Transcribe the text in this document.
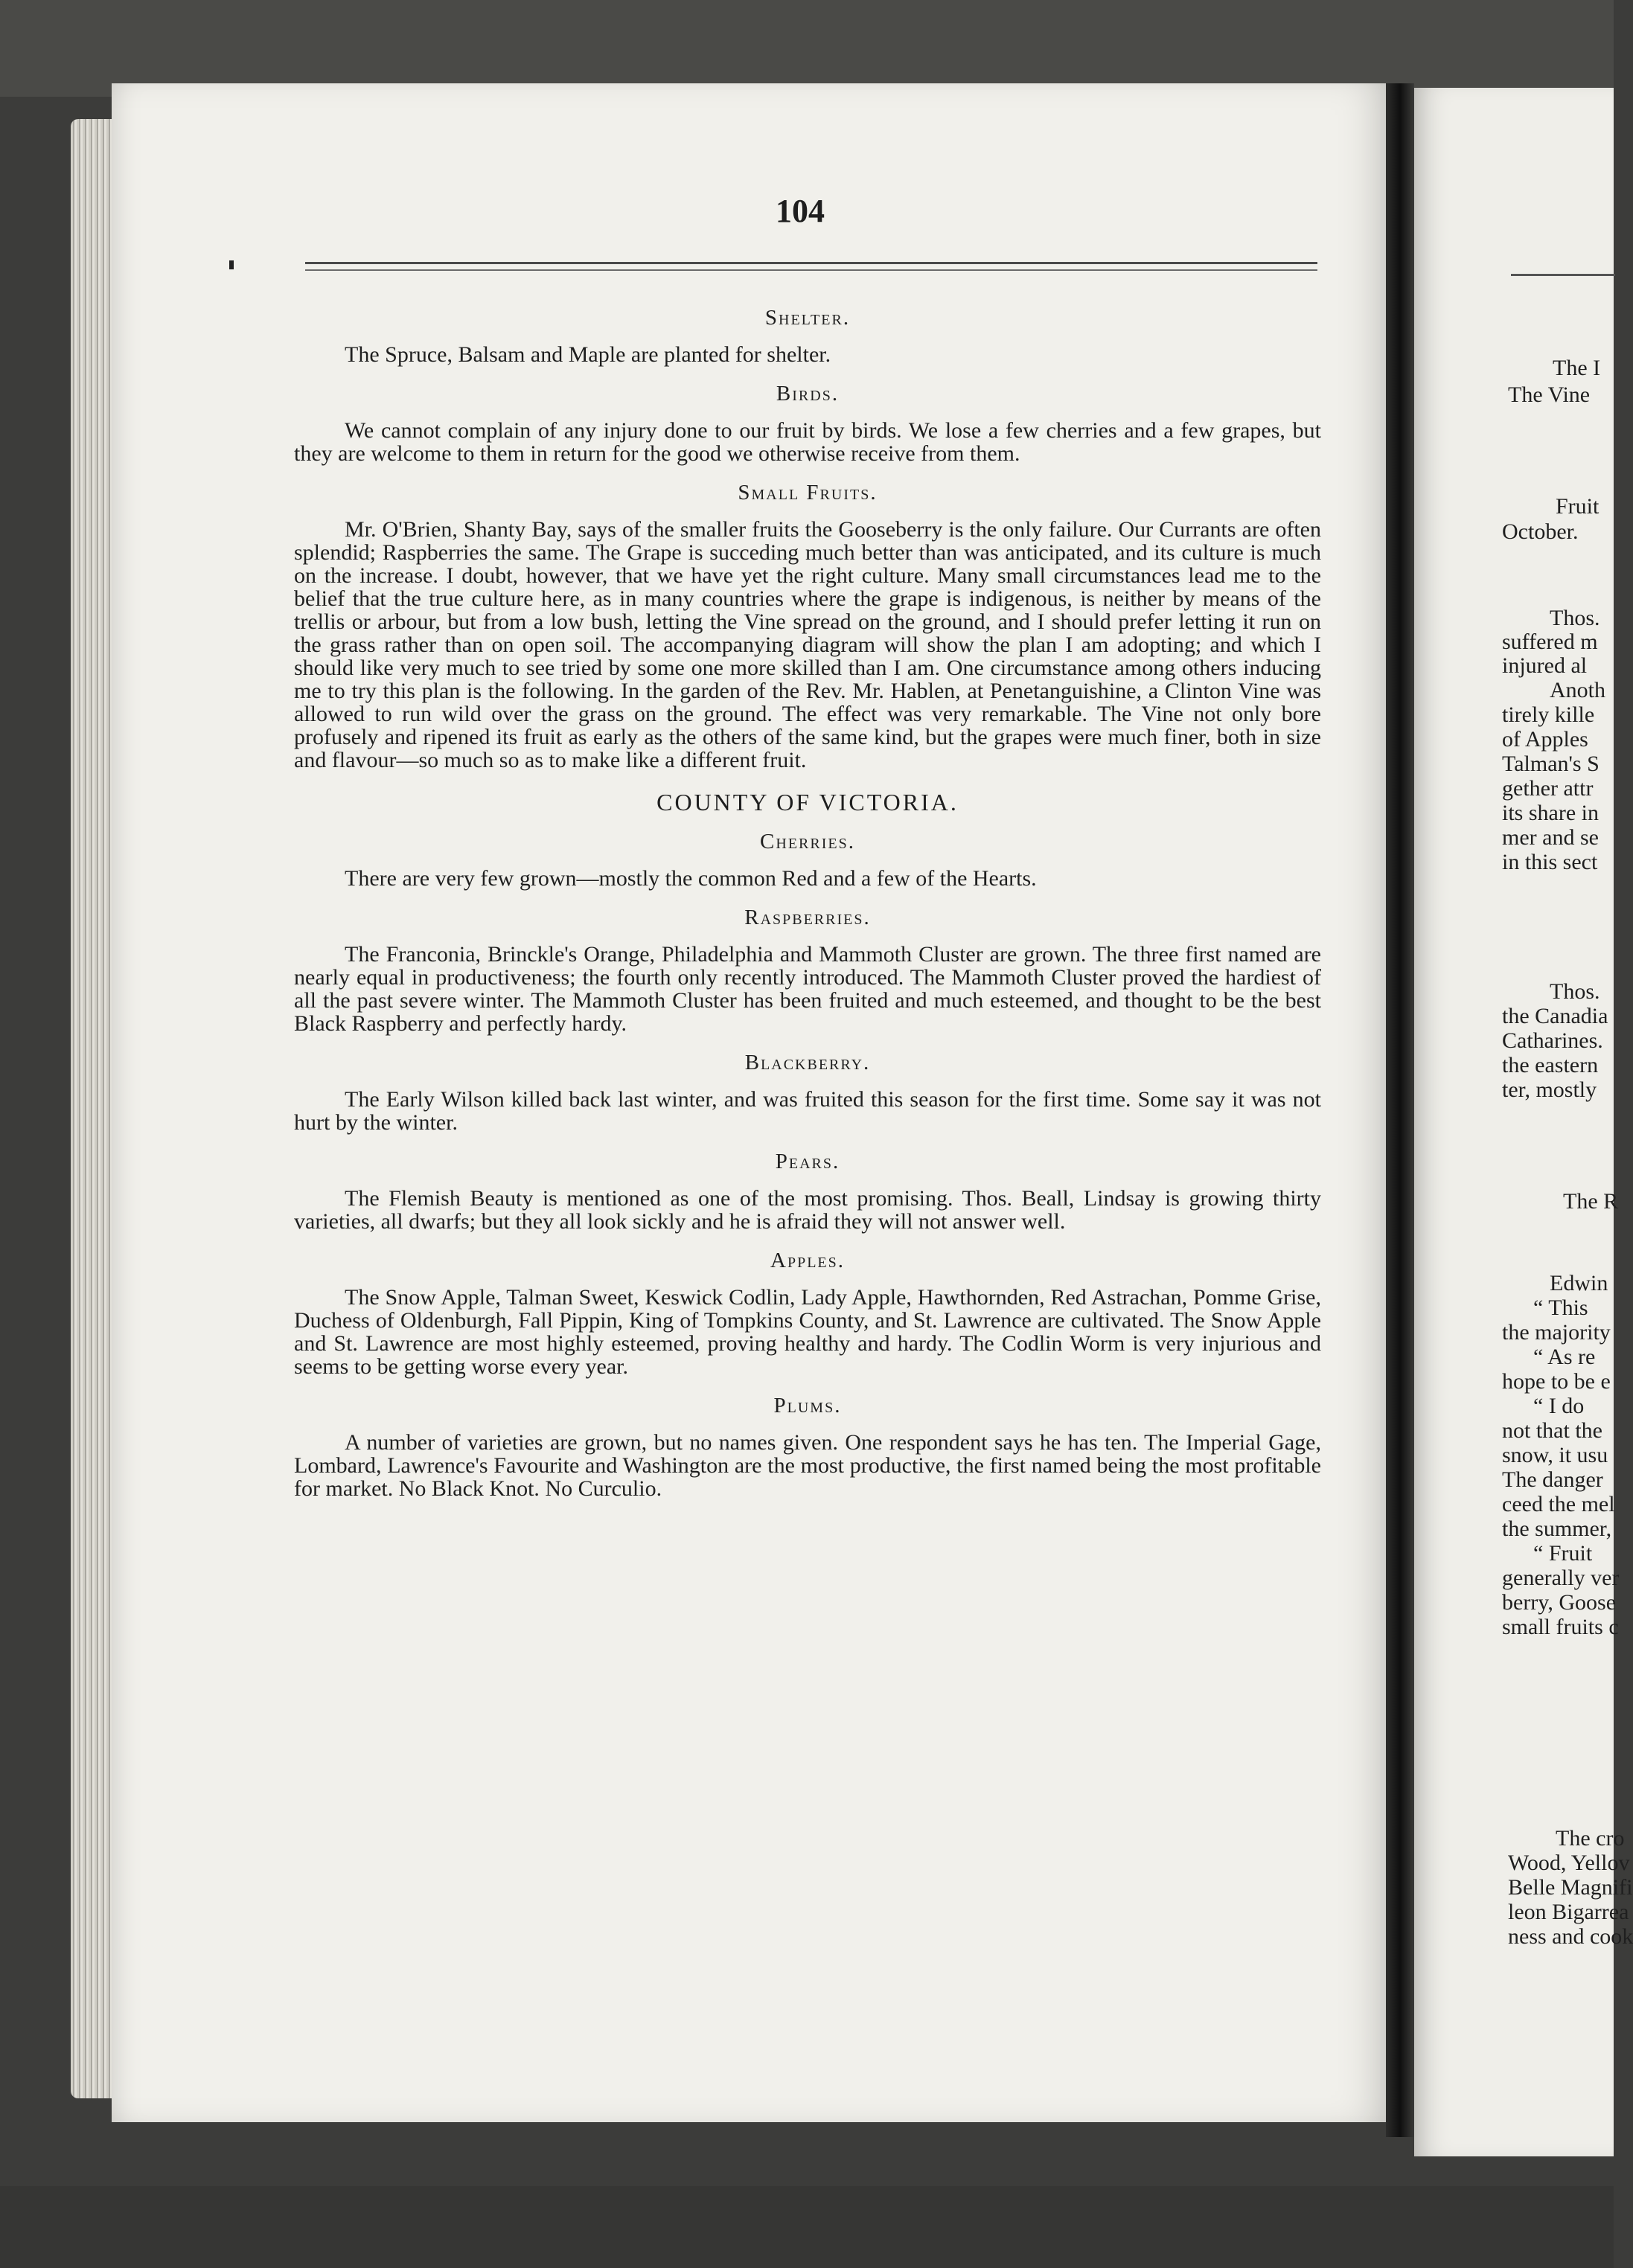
104
Shelter.

The Spruce, Balsam and Maple are planted for shelter.

Birds.

We cannot complain of any injury done to our fruit by birds. We lose a few cherries and a few grapes, but they are welcome to them in return for the good we otherwise receive from them.

Small Fruits.

Mr. O'Brien, Shanty Bay, says of the smaller fruits the Gooseberry is the only failure. Our Currants are often splendid; Raspberries the same. The Grape is succeding much better than was anticipated, and its culture is much on the increase. I doubt, however, that we have yet the right culture. Many small circumstances lead me to the belief that the true culture here, as in many countries where the grape is indigenous, is neither by means of the trellis or arbour, but from a low bush, letting the Vine spread on the ground, and I should prefer letting it run on the grass rather than on open soil. The accompanying diagram will show the plan I am adopting; and which I should like very much to see tried by some one more skilled than I am. One circumstance among others inducing me to try this plan is the following. In the garden of the Rev. Mr. Hablen, at Penetanguishine, a Clinton Vine was allowed to run wild over the grass on the ground. The effect was very remarkable. The Vine not only bore profusely and ripened its fruit as early as the others of the same kind, but the grapes were much finer, both in size and flavour—so much so as to make like a different fruit.

COUNTY OF VICTORIA.
Cherries.

There are very few grown—mostly the common Red and a few of the Hearts.

Raspberries.

The Franconia, Brinckle's Orange, Philadelphia and Mammoth Cluster are grown. The three first named are nearly equal in productiveness; the fourth only recently introduced. The Mammoth Cluster proved the hardiest of all the past severe winter. The Mammoth Cluster has been fruited and much esteemed, and thought to be the best Black Raspberry and perfectly hardy.

Blackberry.

The Early Wilson killed back last winter, and was fruited this season for the first time. Some say it was not hurt by the winter.

Pears.

The Flemish Beauty is mentioned as one of the most promising. Thos. Beall, Lindsay is growing thirty varieties, all dwarfs; but they all look sickly and he is afraid they will not answer well.

Apples.

The Snow Apple, Talman Sweet, Keswick Codlin, Lady Apple, Hawthornden, Red Astrachan, Pomme Grise, Duchess of Oldenburgh, Fall Pippin, King of Tompkins County, and St. Lawrence are cultivated. The Snow Apple and St. Lawrence are most highly esteemed, proving healthy and hardy. The Codlin Worm is very injurious and seems to be getting worse every year.

Plums.

A number of varieties are grown, but no names given. One respondent says he has ten. The Imperial Gage, Lombard, Lawrence's Favourite and Washington are the most productive, the first named being the most profitable for market. No Black Knot. No Curculio.

The I
The Vine
Fruit
October.
Thos.
suffered m
injured al
Anoth
tirely kille
of Apples
Talman's S
gether attr
its share in
mer and se
in this sect
Thos.
the Canadia
Catharines.
the eastern
ter, mostly
The R
Edwin
“ This
the majority
“ As re
hope to be e
“ I do
not that the
snow, it usu
The danger
ceed the mel
the summer,
“ Fruit
generally ver
berry, Goose
small fruits c
The cro
Wood, Yellov
Belle Magnifi
leon Bigarrea
ness and cook
